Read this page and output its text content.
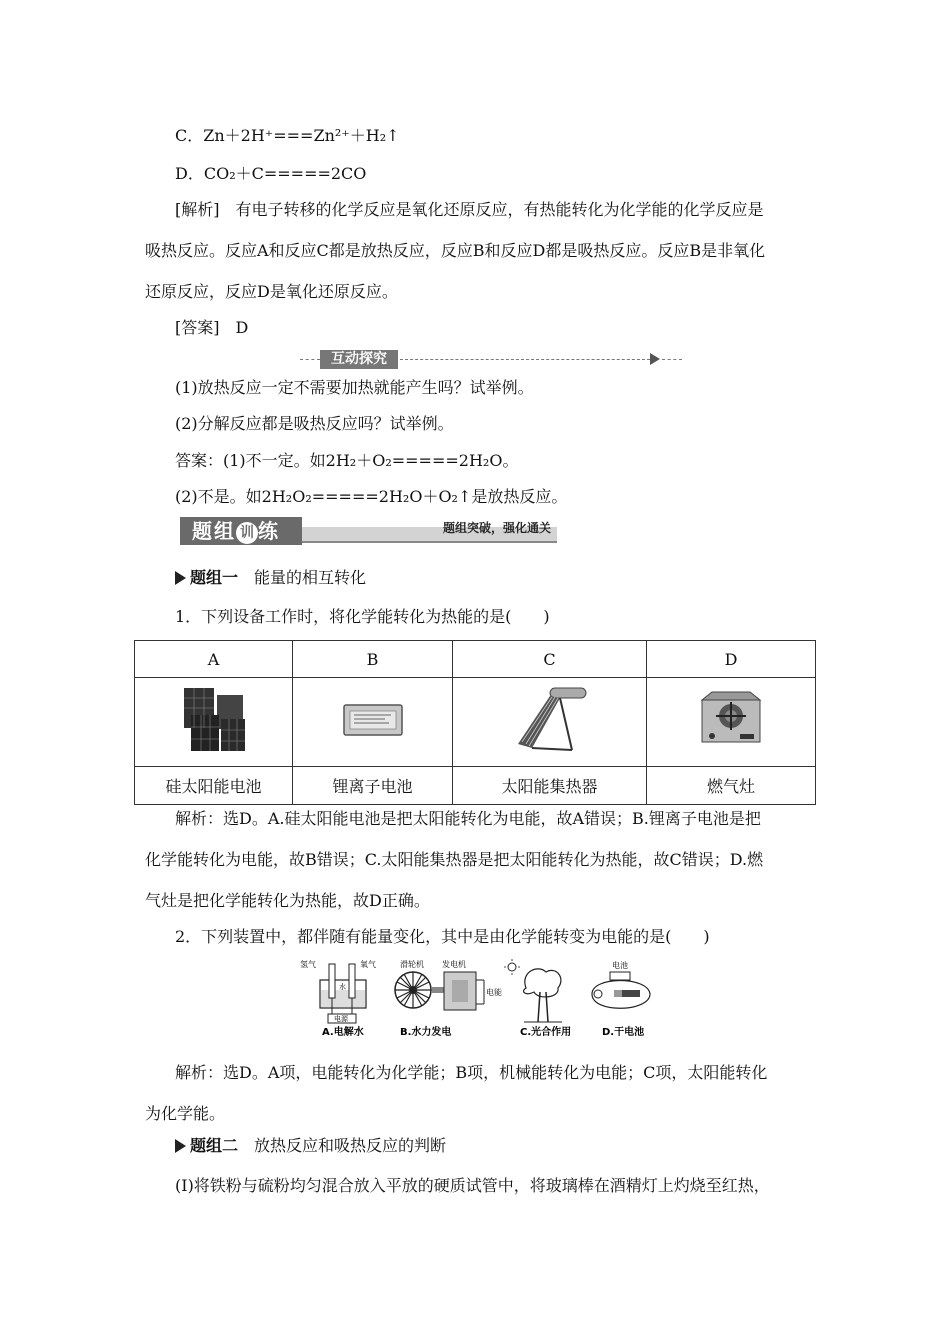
C．Zn＋2H⁺===Zn²⁺＋H₂↑
D．CO₂＋C=====2CO
[解析]　有电子转移的化学反应是氧化还原反应，有热能转化为化学能的化学反应是
吸热反应。反应A和反应C都是放热反应，反应B和反应D都是吸热反应。反应B是非氧化
还原反应，反应D是氧化还原反应。
[答案]　D
互动探究
(1)放热反应一定不需要加热就能产生吗？试举例。
(2)分解反应都是吸热反应吗？试举例。
答案：(1)不一定。如2H₂＋O₂=====2H₂O。
(2)不是。如2H₂O₂=====2H₂O＋O₂↑是放热反应。
题组 训 练	题组突破，强化通关
题组一　 能量的相互转化
1．下列设备工作时，将化学能转化为热能的是(　　)
A	B	C	D

硅太阳能电池	锂离子电池	太阳能集热器	燃气灶
解析：选D。A.硅太阳能电池是把太阳能转化为电能，故A错误；B.锂离子电池是把
化学能转化为电能，故B错误；C.太阳能集热器是把太阳能转化为热能，故C错误；D.燃
气灶是把化学能转化为热能，故D正确。
2．下列装置中，都伴随有能量变化，其中是由化学能转变为电能的是(　　)
氢气	氧气
水
电源
A.电解水
滑轮机 发电机
电能
B.水力发电	C.光合作用
电池
D.干电池
解析：选D。A项，电能转化为化学能；B项，机械能转化为电能；C项，太阳能转化
为化学能。
题组二　 放热反应和吸热反应的判断
(Ⅰ)将铁粉与硫粉均匀混合放入平放的硬质试管中，将玻璃棒在酒精灯上灼烧至红热，
